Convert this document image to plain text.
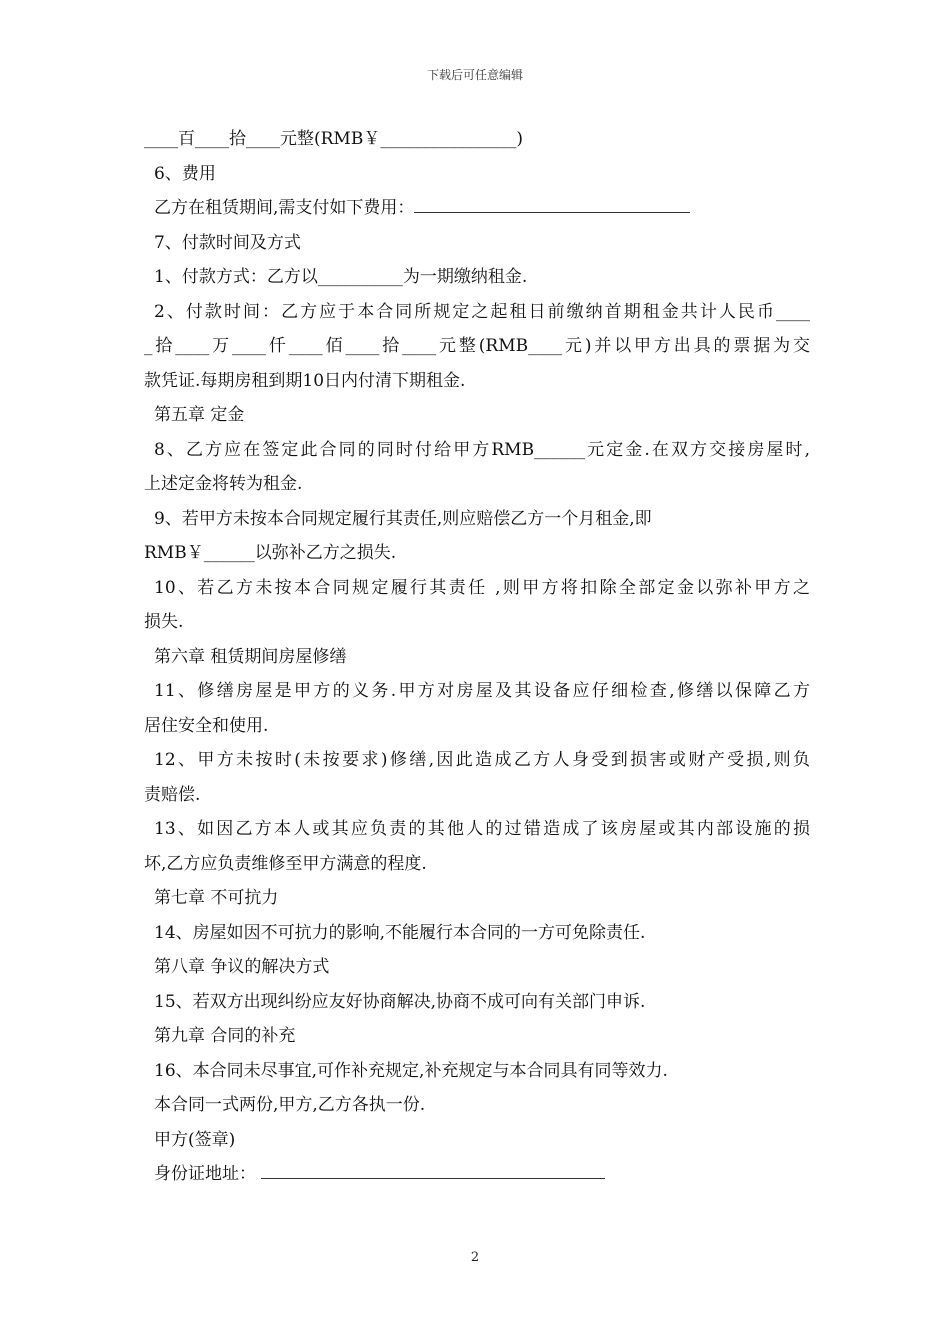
下载后可任意编辑
____百____拾____元整(RMB￥________________)
6、费用
乙方在租赁期间,需支付如下费用：
7、付款时间及方式
1、付款方式：乙方以__________为一期缴纳租金.
2、付款时间：乙方应于本合同所规定之起租日前缴纳首期租金共计人民币____
_拾____万____仟____佰____拾____元整(RMB____元)并以甲方出具的票据为交
款凭证.每期房租到期10日内付清下期租金.
第五章 定金
8、乙方应在签定此合同的同时付给甲方RMB______元定金.在双方交接房屋时,
上述定金将转为租金.
9、若甲方未按本合同规定履行其责任,则应赔偿乙方一个月租金,即
RMB￥______以弥补乙方之损失.
10、若乙方未按本合同规定履行其责任 ,则甲方将扣除全部定金以弥补甲方之
损失.
第六章 租赁期间房屋修缮
11、修缮房屋是甲方的义务.甲方对房屋及其设备应仔细检查,修缮以保障乙方
居住安全和使用.
12、甲方未按时(未按要求)修缮,因此造成乙方人身受到损害或财产受损,则负
责赔偿.
13、如因乙方本人或其应负责的其他人的过错造成了该房屋或其内部设施的损
坏,乙方应负责维修至甲方满意的程度.
第七章 不可抗力
14、房屋如因不可抗力的影响,不能履行本合同的一方可免除责任.
第八章 争议的解决方式
15、若双方出现纠纷应友好协商解决,协商不成可向有关部门申诉.
第九章 合同的补充
16、本合同未尽事宜,可作补充规定,补充规定与本合同具有同等效力.
本合同一式两份,甲方,乙方各执一份.
甲方(签章)
身份证地址：
2
